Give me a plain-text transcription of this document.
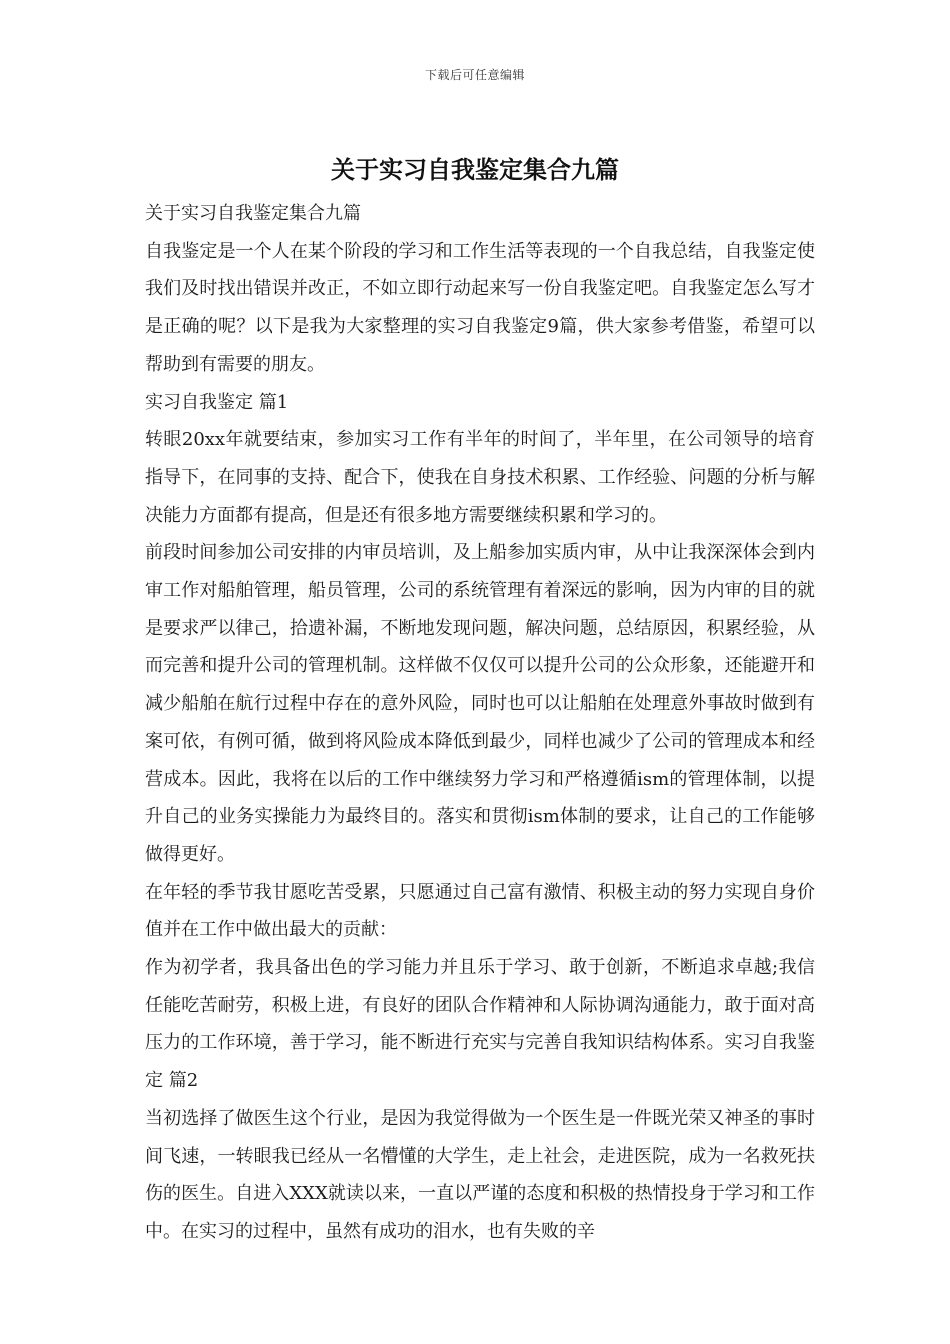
下载后可任意编辑
关于实习自我鉴定集合九篇

关于实习自我鉴定集合九篇

自我鉴定是一个人在某个阶段的学习和工作生活等表现的一个自我总结，自我鉴定使我们及时找出错误并改正，不如立即行动起来写一份自我鉴定吧。自我鉴定怎么写才是正确的呢？以下是我为大家整理的实习自我鉴定9篇，供大家参考借鉴，希望可以帮助到有需要的朋友。

实习自我鉴定 篇1

转眼20xx年就要结束，参加实习工作有半年的时间了，半年里，在公司领导的培育指导下，在同事的支持、配合下，使我在自身技术积累、工作经验、问题的分析与解决能力方面都有提高，但是还有很多地方需要继续积累和学习的。

前段时间参加公司安排的内审员培训，及上船参加实质内审，从中让我深深体会到内审工作对船舶管理，船员管理，公司的系统管理有着深远的影响，因为内审的目的就是要求严以律己，拾遗补漏，不断地发现问题，解决问题，总结原因，积累经验，从而完善和提升公司的管理机制。这样做不仅仅可以提升公司的公众形象，还能避开和减少船舶在航行过程中存在的意外风险，同时也可以让船舶在处理意外事故时做到有案可依，有例可循，做到将风险成本降低到最少，同样也减少了公司的管理成本和经营成本。因此，我将在以后的工作中继续努力学习和严格遵循ism的管理体制，以提升自己的业务实操能力为最终目的。落实和贯彻ism体制的要求，让自己的工作能够做得更好。

在年轻的季节我甘愿吃苦受累，只愿通过自己富有激情、积极主动的努力实现自身价值并在工作中做出最大的贡献：

作为初学者，我具备出色的学习能力并且乐于学习、敢于创新，不断追求卓越;我信任能吃苦耐劳，积极上进，有良好的团队合作精神和人际协调沟通能力，敢于面对高压力的工作环境，善于学习，能不断进行充实与完善自我知识结构体系。实习自我鉴定 篇2

当初选择了做医生这个行业，是因为我觉得做为一个医生是一件既光荣又神圣的事时间飞速，一转眼我已经从一名懵懂的大学生，走上社会，走进医院，成为一名救死扶伤的医生。自进入XXX就读以来，一直以严谨的态度和积极的热情投身于学习和工作中。在实习的过程中，虽然有成功的泪水，也有失败的辛
